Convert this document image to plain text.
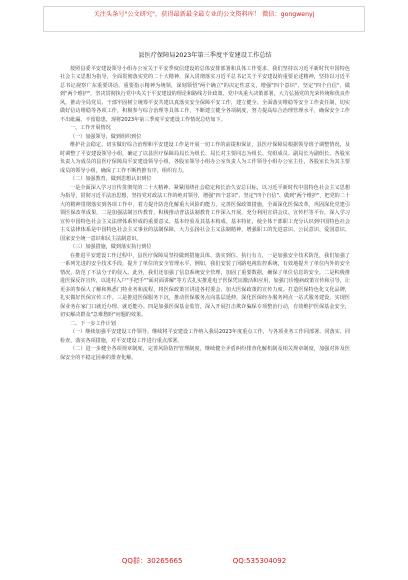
关注头条号"公文研究"，获得最新最全最专业的公文资料库！ 微信：gongwenyj
县医疗保障局2023年第三季度平安建设工作总结

按照县委平安建设领导小组办公室关于平安季度信建设的总体安排部署和具体工作要求，我们坚持以习近平新时代中国特色社会主义思想为指导，全面贯彻落实党的二十大精神，深入贯彻落实习近平总书记关于平安建设的重要论述精神，坚持以习近平总书记视察广东重要讲话、重要指示精神为统领，深刻领悟"两个确立"的决定性意义，增强"四个意识"、坚定"四个自信"、做到"两个维护"，坚决贯彻执行党中央关于平安建设的理论和路线方针政策、党中央重大决策部署，大力弘扬党的光荣传统和优良作风，推动全局党员、干部牢固树立统筹平安共建以真落实安全保障平安工作，建立健全、全面落实维稳等安全工作责任制，切实做好信访维稳等各项工作，积极参与综合治理等具体工作，不断建立健全各项制度，努力提高综合治理管理水平，确保安全工作不出纰漏、不留隐患，现将2023年第三季度平安建设工作情况总结如下。

一、工作开展情况
（一）加强领导，做到组织到位

维护社会稳定、切实做好综合治理和平安建设工作是开展一切工作的前提和保证，县医疗保障局根据领导班子调整情况，及时调整了平安建设领导小组，确定了以县医疗保障局局长为组长、局长对主要同志为组长、党组成员、副局长为副组长、各股室负责人为成员的县医疗保障局平安建设领导小组，各股室领导小组办公室负责人为工作领导小组办公室主任，各股室长为其主要成员的领导小组，确保了工作不断档推有序，组织有力。

（二）加强教育，做到思想认识到位

一是全面深入学习宣传贯彻党的二十大精神、紧紧围绕社会稳定和长治久安总目标，以习近平新时代中国特色社会主义思想为指导，贯彻习近平法治思想，坚持党对政法工作的绝对领导，增强"四个意识"、坚定"四个自信"、做到"两个维护"，把党的二十大的精神贯彻落实到各项工作中，着力提升防范化解重大风险的能力，完善医保政策措施，全面深化医保改革，巩固深化党建引领医保改革成果。二是加强法制宣传教育，积极推动普法法制教育工作深入开展，充分利用宣讲会议、宣传栏等平台，深入学习宣传中国特色社会主义法律体系形成的重要意义、基本经验及其基本构成、基本特征，使全体干部职工充分认识到中国特色社会主义法律体系是中国特色社会主义事业的法制保障，大力弘扬社会主义法制精神，增强职工的先进意识、公民意识、爱国意识、国家安全统一意识和民主法制意识。

（三）加强措施，做到落实执行到位

在推进平安建设工作过程中，县医疗保障局坚持做到措施具体、落实到位、执行有力，一是加强安全技术防范，我们加强了一系列先进的安全技术手段，提升了单位的安全管理水平，例如，我们安装了闭路电视监控系统，有效地提升了单位内外的安全情况，防范了不法分子的侵入。此外，我们还加强了信息系统安全管理，加固了重要数据，确保了单位信息的安全。二是积极推进医保反诈宣传，以进村入户"手把手""面对面讲解"等方式扎实推进电子医保凭证激活和应用，加强门诊慢病政策宣传和引导，让更多的参保人了解和熟悉门特业务和流程，将医保政策宣讲进各村委会，加大医保政策的宣传力度。打造医保特色化文化品牌，扎实做好医保宣传工作。三是推进医保服务下沉，推动医保服务点向基层延伸，深化医保经办服务网点一站式服务建设，实现医保业务在家门口就近办理、就近能办。四是加强医保基金监管，深入开展打击欺诈骗保专项整治行动，有效维护医保基金安全，切实解决群众"急难愁盼"问题的效果。

二、下一步工作计划

（一）继续加强平安建设工作领导。继续将平安建设工作纳入我局2023年度重点工作，与各项业务工作同部署、同落实、同检查，落实各项措施，对平安建设工作进行重点部署。

（二）进一步健全各项规章制度，完善风险防控管理制度，继续健全矛盾纠纷排查化解机制及相关规章制度，加强对涉及医保安全的不稳定因素的排查化解。

QQ群：30265665	QQ:535304092
